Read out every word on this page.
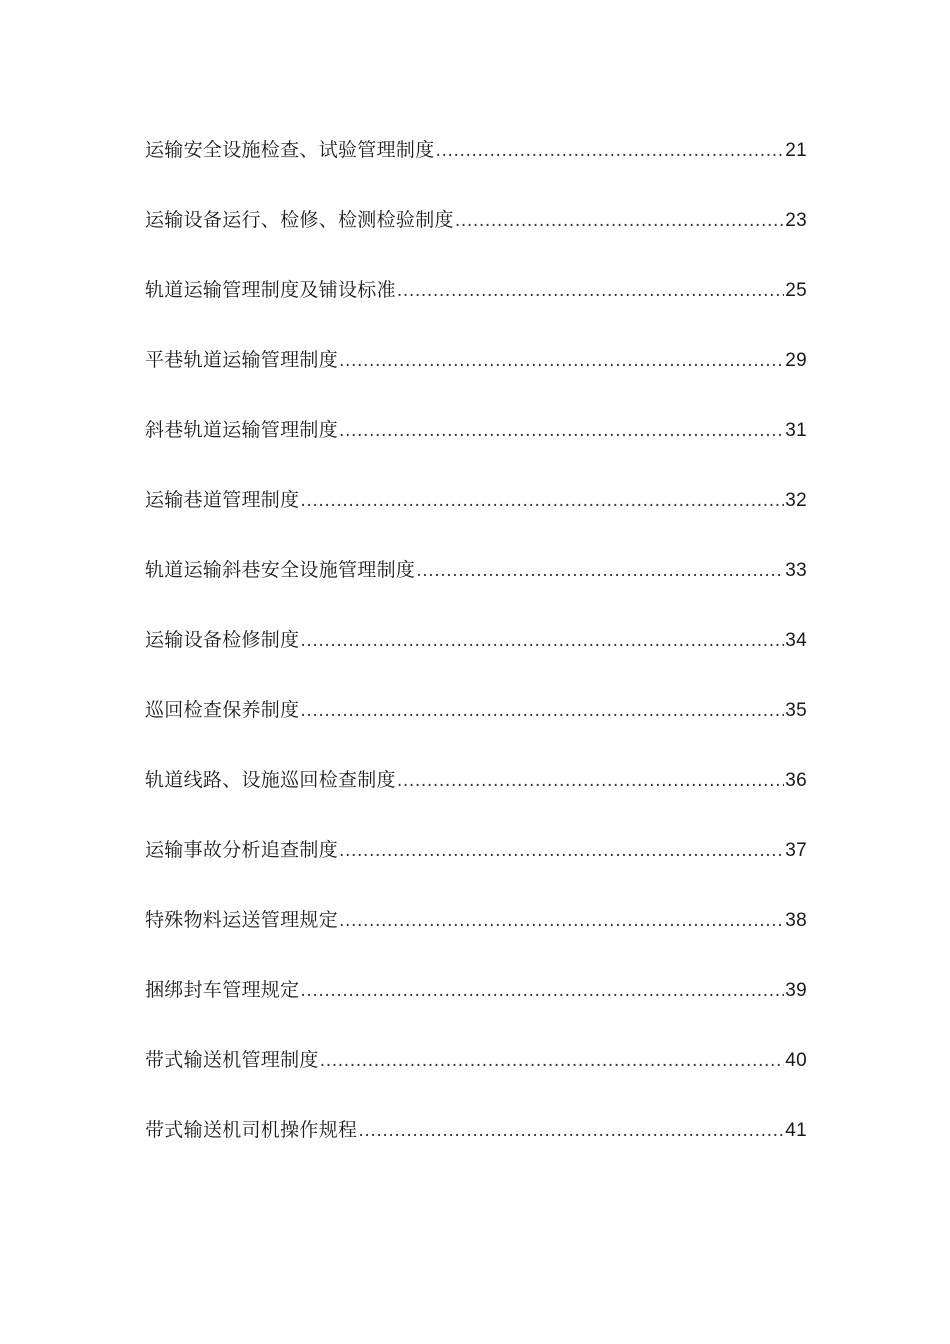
运输安全设施检查、试验管理制度 .....	21
运输设备运行、检修、检测检验制度 .....	23
轨道运输管理制度及铺设标准 .....	25
平巷轨道运输管理制度 .....	29
斜巷轨道运输管理制度 .....	31
运输巷道管理制度 .....	32
轨道运输斜巷安全设施管理制度 .....	33
运输设备检修制度 .....	34
巡回检查保养制度 .....	35
轨道线路、设施巡回检查制度 .....	36
运输事故分析追查制度 .....	37
特殊物料运送管理规定 .....	38
捆绑封车管理规定 .....	39
带式输送机管理制度 .....	40
带式输送机司机操作规程 .....	41
